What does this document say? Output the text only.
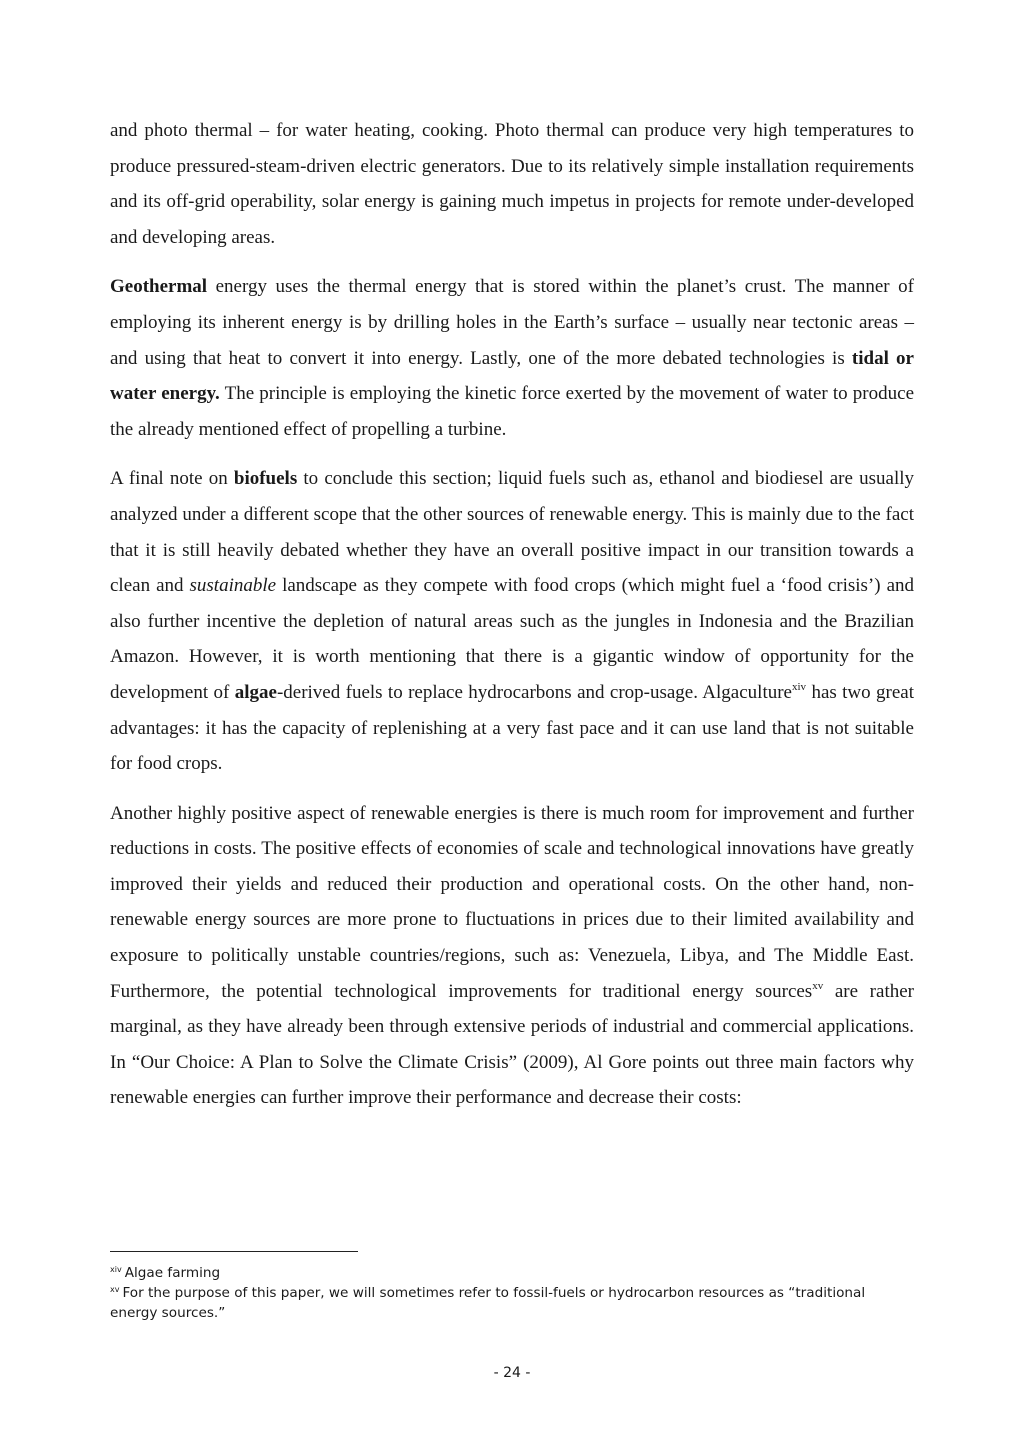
and photo thermal – for water heating, cooking. Photo thermal can produce very high temperatures to produce pressured-steam-driven electric generators. Due to its relatively simple installation requirements and its off-grid operability, solar energy is gaining much impetus in projects for remote under-developed and developing areas.

Geothermal energy uses the thermal energy that is stored within the planet’s crust. The manner of employing its inherent energy is by drilling holes in the Earth’s surface – usually near tectonic areas – and using that heat to convert it into energy. Lastly, one of the more debated technologies is tidal or water energy. The principle is employing the kinetic force exerted by the movement of water to produce the already mentioned effect of propelling a turbine.

A final note on biofuels to conclude this section; liquid fuels such as, ethanol and biodiesel are usually analyzed under a different scope that the other sources of renewable energy. This is mainly due to the fact that it is still heavily debated whether they have an overall positive impact in our transition towards a clean and sustainable landscape as they compete with food crops (which might fuel a ‘food crisis’) and also further incentive the depletion of natural areas such as the jungles in Indonesia and the Brazilian Amazon. However, it is worth mentioning that there is a gigantic window of opportunity for the development of algae-derived fuels to replace hydrocarbons and crop-usage. Algaculture$^{xiv}$ has two great advantages: it has the capacity of replenishing at a very fast pace and it can use land that is not suitable for food crops.

Another highly positive aspect of renewable energies is there is much room for improvement and further reductions in costs. The positive effects of economies of scale and technological innovations have greatly improved their yields and reduced their production and operational costs. On the other hand, non-renewable energy sources are more prone to fluctuations in prices due to their limited availability and exposure to politically unstable countries/regions, such as: Venezuela, Libya, and The Middle East. Furthermore, the potential technological improvements for traditional energy sources$^{xv}$ are rather marginal, as they have already been through extensive periods of industrial and commercial applications. In “Our Choice: A Plan to Solve the Climate Crisis” (2009), Al Gore points out three main factors why renewable energies can further improve their performance and decrease their costs:

$^{xiv}$ Algae farming

$^{xv}$ For the purpose of this paper, we will sometimes refer to fossil-fuels or hydrocarbon resources as “traditional energy sources.”

- 24 -
